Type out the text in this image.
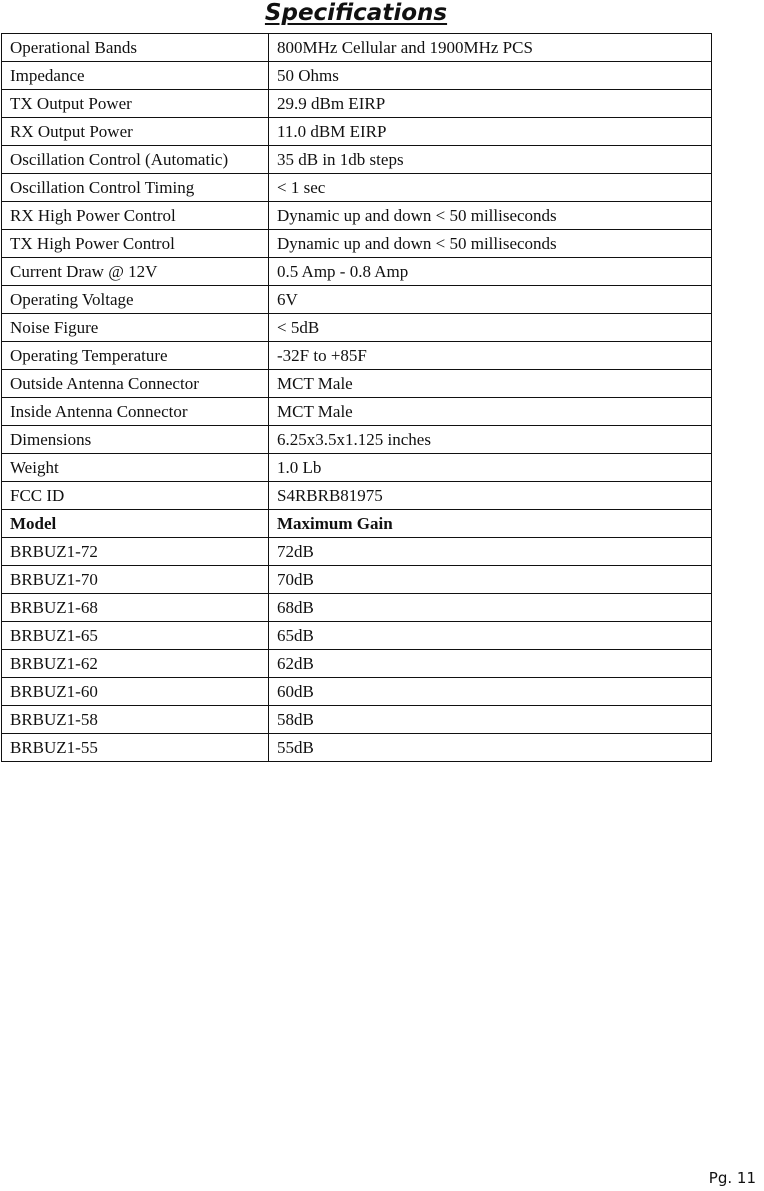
Specifications
Operational Bands	800MHz Cellular and 1900MHz PCS
Impedance	50 Ohms
TX Output Power	29.9 dBm EIRP
RX Output Power	11.0 dBM EIRP
Oscillation Control (Automatic)	35 dB in 1db steps
Oscillation Control Timing	< 1 sec
RX High Power Control	Dynamic up and down < 50 milliseconds
TX High Power Control	Dynamic up and down < 50 milliseconds
Current Draw @ 12V	0.5 Amp - 0.8 Amp
Operating Voltage	6V
Noise Figure	< 5dB
Operating Temperature	-32F to +85F
Outside Antenna Connector	MCT Male
Inside Antenna Connector	MCT Male
Dimensions	6.25x3.5x1.125 inches
Weight	1.0 Lb
FCC ID	S4RBRB81975
Model	Maximum Gain
BRBUZ1-72	72dB
BRBUZ1-70	70dB
BRBUZ1-68	68dB
BRBUZ1-65	65dB
BRBUZ1-62	62dB
BRBUZ1-60	60dB
BRBUZ1-58	58dB
BRBUZ1-55	55dB
Pg. 11
